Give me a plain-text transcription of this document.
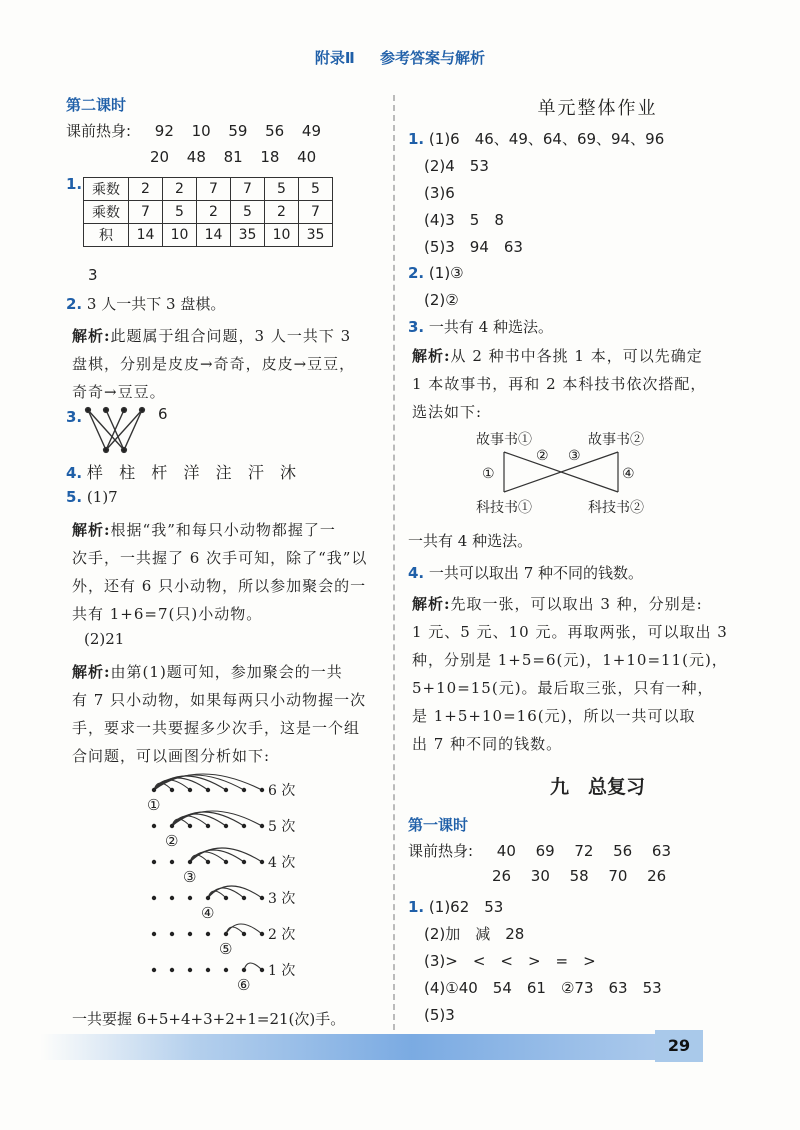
附录Ⅱ 参考答案与解析
第二课时
课前热身: 92 10 59 56 49
20 48 81 18 40
1. 乘数	2	2	7	7	5	5
乘数	7	5	2	5	2	7
积	14	10	14	35	10	35
3
2. 3 人一共下 3 盘棋。
解析:此题属于组合问题，3 人一共下 3
盘棋，分别是皮皮→奇奇，皮皮→豆豆，
奇奇→豆豆。
3.	6
4. 样 柱 杆 洋 注 汗 沐
5. (1)7
解析:根据“我”和每只小动物都握了一
次手，一共握了 6 次手可知，除了“我”以
外，还有 6 只小动物，所以参加聚会的一
共有 1+6=7(只)小动物。
(2)21
解析:由第(1)题可知，参加聚会的一共
有 7 只小动物，如果每两只小动物握一次
手，要求一共要握多少次手，这是一个组
合问题，可以画图分析如下:
①
②
③
④
⑤
⑥
6 次
5 次
4 次
3 次
2 次
1 次
一共要握 6+5+4+3+2+1=21(次)手。
单元整体作业
1. (1)6　46、49、64、69、94、96
(2)4　53
(3)6
(4)3　5　8
(5)3　94　63
2. (1)③
(2)②
3. 一共有 4 种选法。
解析:从 2 种书中各挑 1 本，可以先确定
1 本故事书，再和 2 本科技书依次搭配，
选法如下:
故事书①	故事书②
科技书①	科技书②
①
② ③
④
一共有 4 种选法。
4. 一共可以取出 7 种不同的钱数。
解析:先取一张，可以取出 3 种，分别是:
1 元、5 元、10 元。再取两张，可以取出 3
种，分别是 1+5=6(元)，1+10=11(元)，
5+10=15(元)。最后取三张，只有一种，
是 1+5+10=16(元)，所以一共可以取
出 7 种不同的钱数。
九　总复习
第一课时
课前热身: 40 69 72 56 63
26 30 58 70 26
1. (1)62　53
(2)加　减　28
(3)>　<　<　>　=　>
(4)①40　54　61　②73　63　53
(5)3
29
